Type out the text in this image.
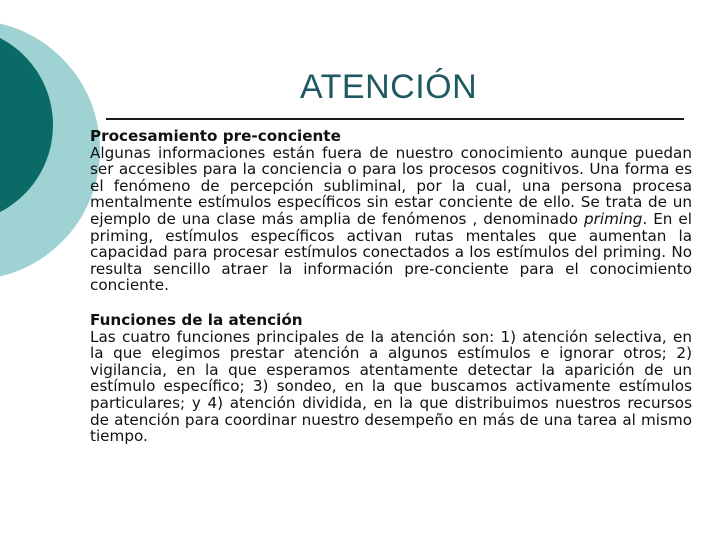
ATENCIÓN
Procesamiento pre-conciente
Algunas informaciones están fuera de nuestro conocimiento aunque puedan ser accesibles para la conciencia o para los procesos cognitivos. Una forma es el fenómeno de percepción subliminal, por la cual, una persona procesa mentalmente estímulos específicos sin estar conciente de ello. Se trata de un ejemplo de una clase más amplia de fenómenos , denominado priming. En el priming, estímulos específicos activan rutas mentales que aumentan la capacidad para procesar estímulos conectados a los estímulos del priming. No resulta sencillo atraer la información pre-conciente para el conocimiento conciente.
Funciones de la atención
Las cuatro funciones principales de la atención son: 1) atención selectiva, en la que elegimos prestar atención a algunos estímulos e ignorar otros; 2) vigilancia, en la que esperamos atentamente detectar la aparición de un estímulo específico; 3) sondeo, en la que buscamos activamente estímulos particulares; y 4) atención dividida, en la que distribuimos nuestros recursos de atención para coordinar nuestro desempeño en más de una tarea al mismo tiempo.
